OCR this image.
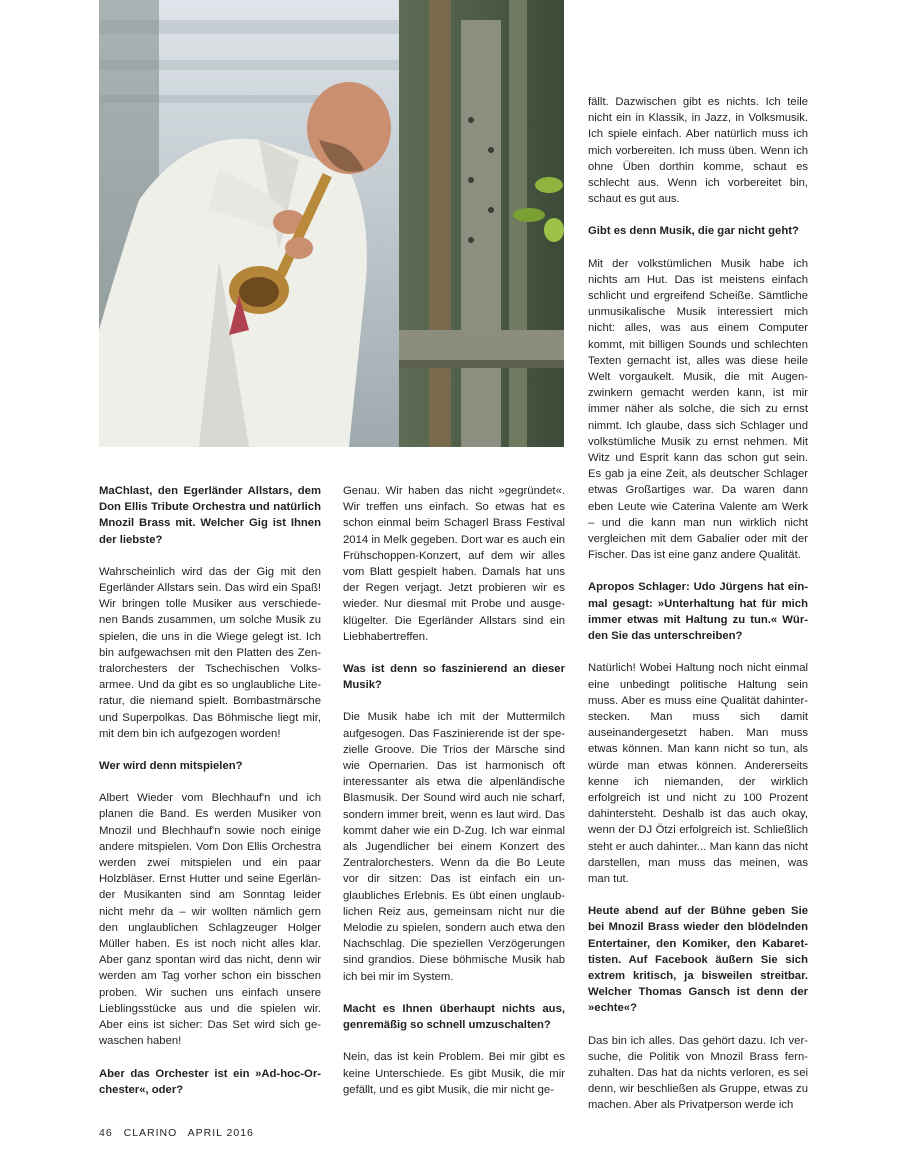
MaChlast, den Egerländer Allstars, dem Don Ellis Tribute Orchestra und natürlich Mnozil Brass mit. Welcher Gig ist Ihnen der liebste?

Wahrscheinlich wird das der Gig mit den Egerländer Allstars sein. Das wird ein Spaß! Wir bringen tolle Musiker aus verschiedenen Bands zusammen, um solche Musik zu spielen, die uns in die Wiege gelegt ist. Ich bin aufgewachsen mit den Platten des Zentralorchesters der Tschechischen Volksarmee. Und da gibt es so unglaubliche Literatur, die niemand spielt. Bombastmärsche und Superpolkas. Das Böhmische liegt mir, mit dem bin ich aufgezogen worden!

Wer wird denn mitspielen?

Albert Wieder vom Blechhauf'n und ich planen die Band. Es werden Musiker von Mnozil und Blechhauf'n sowie noch einige andere mitspielen. Vom Don Ellis Orchestra werden zwei mitspielen und ein paar Holzbläser. Ernst Hutter und seine Egerländer Musikanten sind am Sonntag leider nicht mehr da – wir wollten nämlich gern den unglaublichen Schlagzeuger Holger Müller haben. Es ist noch nicht alles klar. Aber ganz spontan wird das nicht, denn wir werden am Tag vorher schon ein bisschen proben. Wir suchen uns einfach unsere Lieblingsstücke aus und die spielen wir. Aber eins ist sicher: Das Set wird sich gewaschen haben!

Aber das Orchester ist ein »Ad-hoc-Orchester«, oder?

Genau. Wir haben das nicht »gegründet«. Wir treffen uns einfach. So etwas hat es schon einmal beim Schagerl Brass Festival 2014 in Melk gegeben. Dort war es auch ein Frühschoppen-Konzert, auf dem wir alles vom Blatt gespielt haben. Damals hat uns der Regen verjagt. Jetzt probieren wir es wieder. Nur diesmal mit Probe und ausgeklügelter. Die Egerländer Allstars sind ein Liebhabertreffen.

Was ist denn so faszinierend an dieser Musik?

Die Musik habe ich mit der Muttermilch aufgesogen. Das Faszinierende ist der spezielle Groove. Die Trios der Märsche sind wie Opernarien. Das ist harmonisch oft interessanter als etwa die alpenländische Blasmusik. Der Sound wird auch nie scharf, sondern immer breit, wenn es laut wird. Das kommt daher wie ein D-Zug. Ich war einmal als Jugendlicher bei einem Konzert des Zentralorchesters. Wenn da die Bo Leute vor dir sitzen: Das ist einfach ein unglaubliches Erlebnis. Es übt einen unglaublichen Reiz aus, gemeinsam nicht nur die Melodie zu spielen, sondern auch etwa den Nachschlag. Die speziellen Verzögerungen sind grandios. Diese böhmische Musik hab ich bei mir im System.

Macht es Ihnen überhaupt nichts aus, genremäßig so schnell umzuschalten?

Nein, das ist kein Problem. Bei mir gibt es keine Unterschiede. Es gibt Musik, die mir gefällt, und es gibt Musik, die mir nicht ge-

fällt. Dazwischen gibt es nichts. Ich teile nicht ein in Klassik, in Jazz, in Volksmusik. Ich spiele einfach. Aber natürlich muss ich mich vorbereiten. Ich muss üben. Wenn ich ohne Üben dorthin komme, schaut es schlecht aus. Wenn ich vorbereitet bin, schaut es gut aus.

Gibt es denn Musik, die gar nicht geht?

Mit der volkstümlichen Musik habe ich nichts am Hut. Das ist meistens einfach schlicht und ergreifend Scheiße. Sämtliche unmusikalische Musik interessiert mich nicht: alles, was aus einem Computer kommt, mit billigen Sounds und schlechten Texten gemacht ist, alles was diese heile Welt vorgaukelt. Musik, die mit Augenzwinkern gemacht werden kann, ist mir immer näher als solche, die sich zu ernst nimmt. Ich glaube, dass sich Schlager und volkstümliche Musik zu ernst nehmen. Mit Witz und Esprit kann das schon gut sein. Es gab ja eine Zeit, als deutscher Schlager etwas Großartiges war. Da waren dann eben Leute wie Caterina Valente am Werk – und die kann man nun wirklich nicht vergleichen mit dem Gabalier oder mit der Fischer. Das ist eine ganz andere Qualität.

Apropos Schlager: Udo Jürgens hat einmal gesagt: »Unterhaltung hat für mich immer etwas mit Haltung zu tun.« Würden Sie das unterschreiben?

Natürlich! Wobei Haltung noch nicht einmal eine unbedingt politische Haltung sein muss. Aber es muss eine Qualität dahinterstecken. Man muss sich damit auseinandergesetzt haben. Man muss etwas können. Man kann nicht so tun, als würde man etwas können. Andererseits kenne ich niemanden, der wirklich erfolgreich ist und nicht zu 100 Prozent dahintersteht. Deshalb ist das auch okay, wenn der DJ Ötzi erfolgreich ist. Schließlich steht er auch dahinter... Man kann das nicht darstellen, man muss das meinen, was man tut.

Heute abend auf der Bühne geben Sie bei Mnozil Brass wieder den blödelnden Entertainer, den Komiker, den Kabarettisten. Auf Facebook äußern Sie sich extrem kritisch, ja bisweilen streitbar. Welcher Thomas Gansch ist denn der »echte«?

Das bin ich alles. Das gehört dazu. Ich versuche, die Politik von Mnozil Brass fernzuhalten. Das hat da nichts verloren, es sei denn, wir beschließen als Gruppe, etwas zu machen. Aber als Privatperson werde ich

46 CLARINO APRIL 2016
